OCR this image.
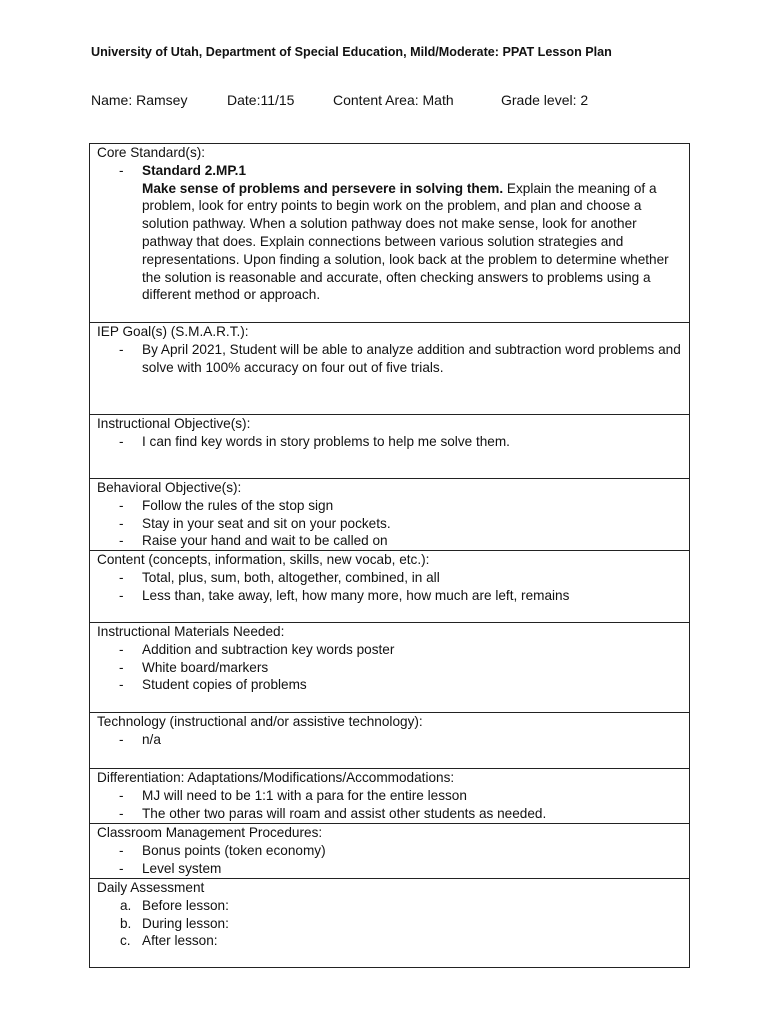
University of Utah, Department of Special Education, Mild/Moderate: PPAT Lesson Plan
Name: Ramsey	Date:11/15	Content Area: Math	Grade level: 2
Core Standard(s):
-	Standard 2.MP.1
Make sense of problems and persevere in solving them. Explain the meaning of a problem, look for entry points to begin work on the problem, and plan and choose a solution pathway. When a solution pathway does not make sense, look for another pathway that does. Explain connections between various solution strategies and representations. Upon finding a solution, look back at the problem to determine whether the solution is reasonable and accurate, often checking answers to problems using a different method or approach.
IEP Goal(s) (S.M.A.R.T.):
-	By April 2021, Student will be able to analyze addition and subtraction word problems and solve with 100% accuracy on four out of five trials.
Instructional Objective(s):
-	I can find key words in story problems to help me solve them.
Behavioral Objective(s):
-	Follow the rules of the stop sign
-	Stay in your seat and sit on your pockets.
-	Raise your hand and wait to be called on
Content (concepts, information, skills, new vocab, etc.):
-	Total, plus, sum, both, altogether, combined, in all
-	Less than, take away, left, how many more, how much are left, remains
Instructional Materials Needed:
-	Addition and subtraction key words poster
-	White board/markers
-	Student copies of problems
Technology (instructional and/or assistive technology):
-	n/a
Differentiation: Adaptations/Modifications/Accommodations:
-	MJ will need to be 1:1 with a para for the entire lesson
-	The other two paras will roam and assist other students as needed.
Classroom Management Procedures:
-	Bonus points (token economy)
-	Level system
Daily Assessment
a. Before lesson:
b. During lesson:
c. After lesson:
